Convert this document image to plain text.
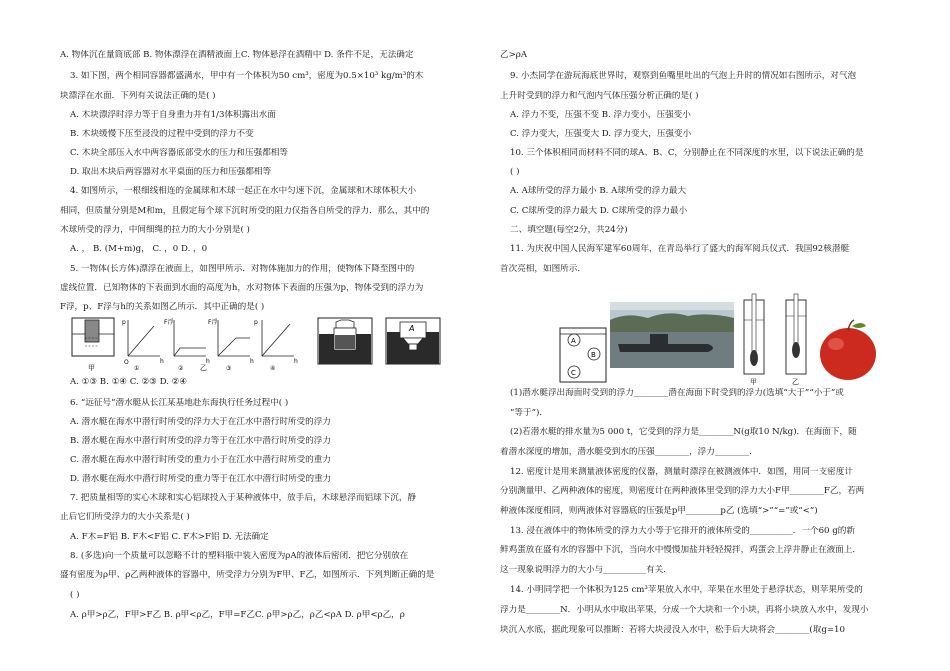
A. 物体沉在量筒底部 B. 物体漂浮在酒精液面上C. 物体悬浮在酒精中 D. 条件不足，无法确定
3. 如下图，两个相同容器都盛满水，甲中有一个体积为50 cm³，密度为0.5×10³ kg/m³的木
块漂浮在水面．下列有关说法正确的是( )
A. 木块漂浮时浮力等于自身重力并有1/3体积露出水面
B. 木块缓慢下压至浸没的过程中受到的浮力不变
C. 木块全部压入水中两容器底部受水的压力和压强都相等
D. 取出木块后两容器对水平桌面的压力和压强都相等
4. 如图所示，一根细线相连的金属球和木球一起正在水中匀速下沉，金属球和木球体积大小
相同，但质量分别是M和m，且假定每个球下沉时所受的阻力仅指各自所受的浮力．那么，其中的
木球所受的浮力，中间细绳的拉力的大小分别是( )
A. ， B. (M+m)g， C. ，0 D. ，0
5. 一物体(长方体)漂浮在液面上，如图甲所示．对物体施加力的作用，使物体下降至图中的
虚线位置．已知物体的下表面到水面的高度为h，水对物体下表面的压强为p，物体受到的浮力为
F浮，p、F浮与h的关系如图乙所示．其中正确的是( )
A. ①③ B. ①④ C. ②③ D. ②④
6. “远征号”潜水艇从长江某基地赴东海执行任务过程中( )
A. 潜水艇在海水中潜行时所受的浮力大于在江水中潜行时所受的浮力
B. 潜水艇在海水中潜行时所受的浮力等于在江水中潜行时所受的浮力
C. 潜水艇在海水中潜行时所受的重力小于在江水中潜行时所受的重力
D. 潜水艇在海水中潜行时所受的重力等于在江水中潜行时所受的重力
7. 把质量相等的实心木球和实心铝球投入于某种液体中，放手后，木球悬浮而铝球下沉，静
止后它们所受浮力的大小关系是( )
A. F木=F铝 B. F木<F铝 C. F木>F铝 D. 无法确定
8. (多选)向一个质量可以忽略不计的塑料瓶中装入密度为ρA的液体后密闭．把它分别放在
盛有密度为ρ甲、ρ乙两种液体的容器中，所受浮力分别为F甲、F乙，如图所示．下列判断正确的是
( )
A. ρ甲>ρ乙，F甲>F乙 B. ρ甲<ρ乙，F甲=F乙C. ρ甲>ρ乙，ρ乙<ρA D. ρ甲<ρ乙，ρ
乙>ρA
9. 小杰同学在游玩海底世界时，观察到鱼嘴里吐出的气泡上升时的情况如右图所示，对气泡
上升时受到的浮力和气泡内气体压强分析正确的是( )
A. 浮力不变，压强不变 B. 浮力变小，压强变小
C. 浮力变大，压强变大 D. 浮力变大，压强变小
10. 三个体积相同而材料不同的球A、B、C，分别静止在不同深度的水里，以下说法正确的是
( )
A. A球所受的浮力最小 B. A球所受的浮力最大
C. C球所受的浮力最大 D. C球所受的浮力最小
二、填空题(每空2分，共24分)
11. 为庆祝中国人民海军建军60周年，在青岛举行了盛大的海军阅兵仪式．我国92核潜艇
首次亮相，如图所示．
(1)潜水艇浮出海面时受到的浮力________潜在海面下时受到的浮力(选填“大于”“小于”或
“等于”)．
(2)若潜水艇的排水量为5 000 t，它受到的浮力是________N(g取10 N/kg)．在海面下，随
着潜水深度的增加，潜水艇受到水的压强________，浮力________．
12. 密度计是用来测量液体密度的仪器，测量时漂浮在被测液体中．如图，用同一支密度计
分别测量甲、乙两种液体的密度，则密度计在两种液体里受到的浮力大小F甲________F乙，若两
种液体深度相同，则两液体对容器底的压强是p甲________p乙 (选填“>”“=”或“<”)
13. 浸在液体中的物体所受的浮力大小等于它排开的液体所受的__________．一个60 g的新
鲜鸡蛋放在盛有水的容器中下沉，当向水中慢慢加盐并轻轻搅拌，鸡蛋会上浮并静止在液面上．
这一现象说明浮力的大小与__________有关．
14. 小明同学把一个体积为125 cm³苹果放入水中，苹果在水里处于悬浮状态，则苹果所受的
浮力是________N．小明从水中取出苹果，分成一个大块和一个小块，再将小块放入水中，发现小
块沉入水底，据此现象可以推断：若将大块浸没入水中，松手后大块将会________(取g=10
甲
p
h
O
F浮
h
F浮
h
p
h
①	② 乙	③	④
A
A
B
C
甲	乙
